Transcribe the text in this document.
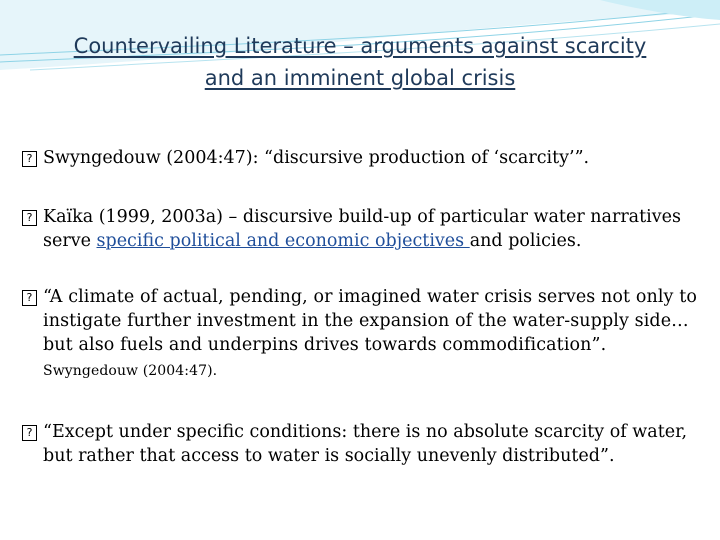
Countervailing Literature – arguments against scarcity and an imminent global crisis
? Swyngedouw (2004:47): “discursive production of ‘scarcity’”.
? Kaïka (1999, 2003a) – discursive build-up of particular water narratives serve specific political and economic objectives and policies.
? “A climate of actual, pending, or imagined water crisis serves not only to instigate further investment in the expansion of the water-supply side…but also fuels and underpins drives towards commodification”. Swyngedouw (2004:47).
? “Except under specific conditions: there is no absolute scarcity of water, but rather that access to water is socially unevenly distributed”.
